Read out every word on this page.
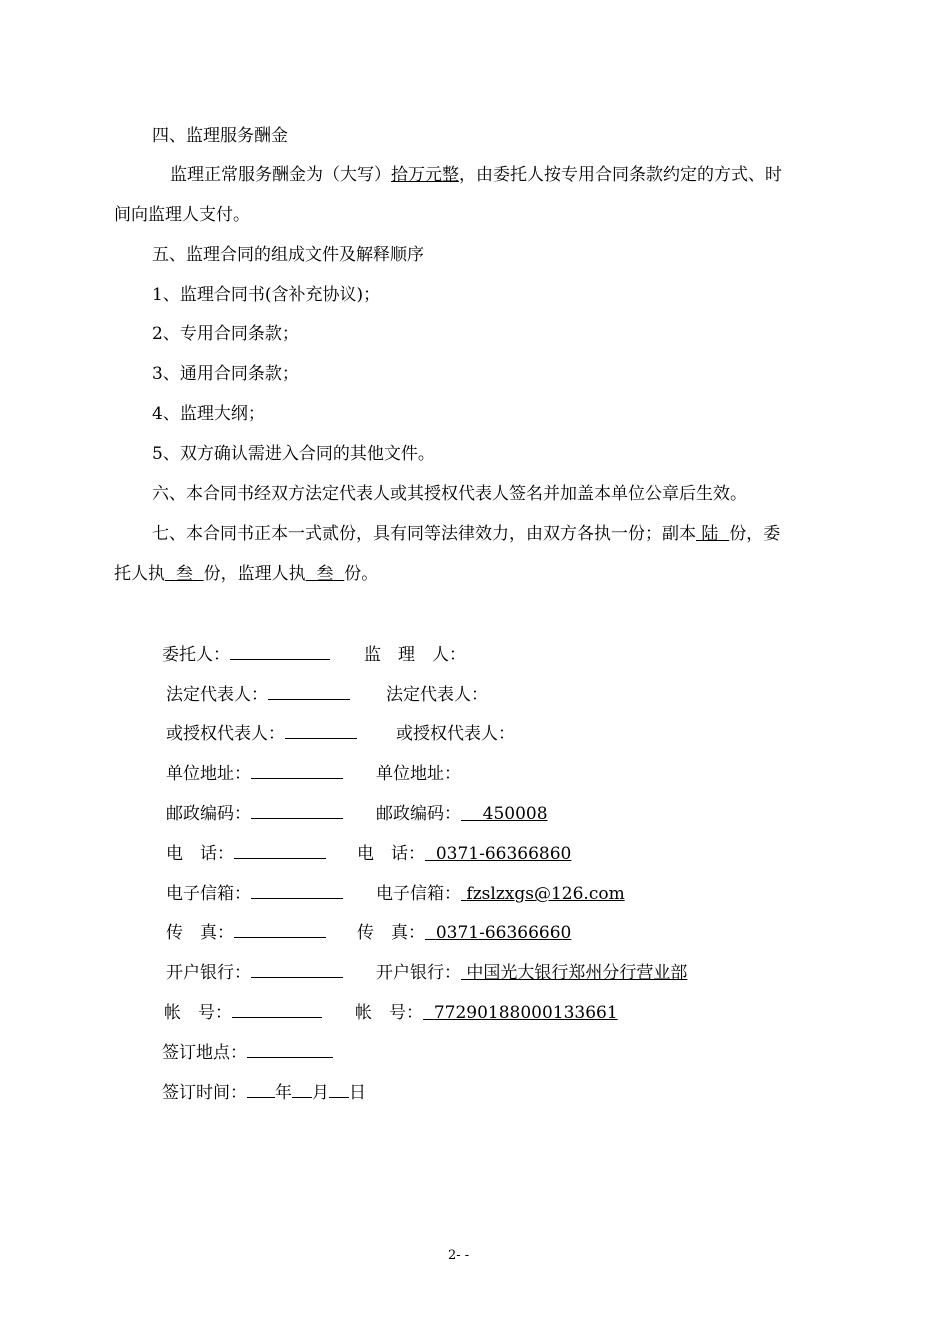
四、监理服务酬金
监理正常服务酬金为（大写）拾万元整，由委托人按专用合同条款约定的方式、时
间向监理人支付。
五、监理合同的组成文件及解释顺序
1、监理合同书(含补充协议)；
2、专用合同条款；
3、通用合同条款；
4、监理大纲；
5、双方确认需进入合同的其他文件。
六、本合同书经双方法定代表人或其授权代表人签名并加盖本单位公章后生效。
七、本合同书正本一式贰份，具有同等法律效力，由双方各执一份；副本 陆 份，委
托人执 叁 份，监理人执 叁 份。
委托人：	监　理　人：
法定代表人：	法定代表人：
或授权代表人：	或授权代表人：
单位地址：	单位地址：
邮政编码：	邮政编码： 450008
电　话：	电　话： 0371-66366860
电子信箱：	电子信箱： fzslzxgs@126.com
传　真：	传　真： 0371-66366660
开户银行：	开户银行： 中国光大银行郑州分行营业部
帐　号：	帐　号： 77290188000133661
签订地点：
签订时间： 年 月 日
2- -
